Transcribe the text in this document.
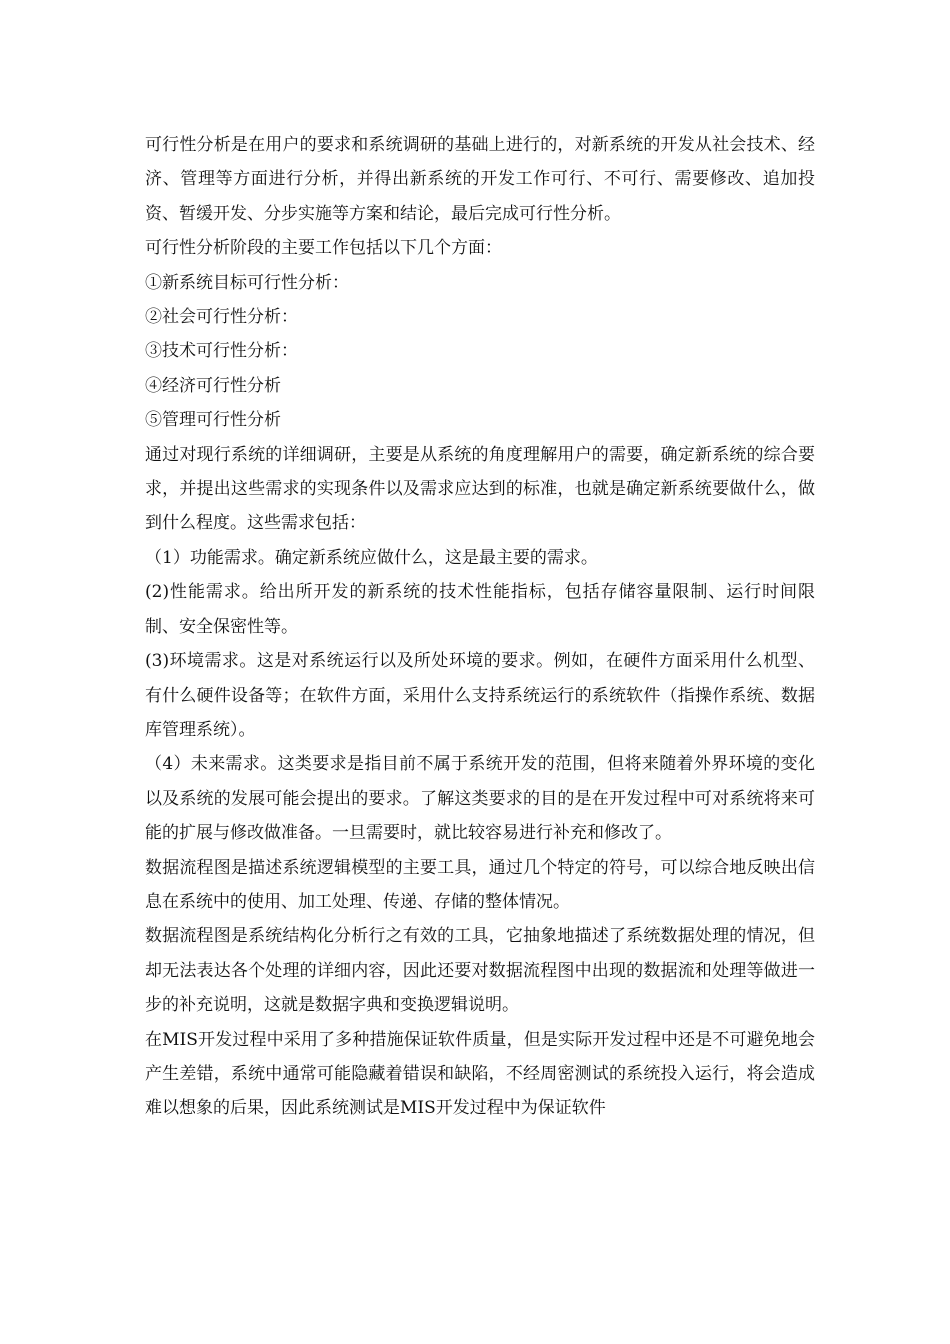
可行性分析是在用户的要求和系统调研的基础上进行的，对新系统的开发从社会技术、经济、管理等方面进行分析，并得出新系统的开发工作可行、不可行、需要修改、追加投资、暂缓开发、分步实施等方案和结论，最后完成可行性分析。

可行性分析阶段的主要工作包括以下几个方面：

①新系统目标可行性分析：

②社会可行性分析：

③技术可行性分析：

④经济可行性分析

⑤管理可行性分析

通过对现行系统的详细调研，主要是从系统的角度理解用户的需要，确定新系统的综合要求，并提出这些需求的实现条件以及需求应达到的标准，也就是确定新系统要做什么，做到什么程度。这些需求包括：

（1）功能需求。确定新系统应做什么，这是最主要的需求。

(2)性能需求。给出所开发的新系统的技术性能指标，包括存储容量限制、运行时间限制、安全保密性等。

(3)环境需求。这是对系统运行以及所处环境的要求。例如，在硬件方面采用什么机型、有什么硬件设备等；在软件方面，采用什么支持系统运行的系统软件（指操作系统、数据库管理系统）。

（4）未来需求。这类要求是指目前不属于系统开发的范围，但将来随着外界环境的变化以及系统的发展可能会提出的要求。了解这类要求的目的是在开发过程中可对系统将来可能的扩展与修改做准备。一旦需要时，就比较容易进行补充和修改了。

数据流程图是描述系统逻辑模型的主要工具，通过几个特定的符号，可以综合地反映出信息在系统中的使用、加工处理、传递、存储的整体情况。

数据流程图是系统结构化分析行之有效的工具，它抽象地描述了系统数据处理的情况，但却无法表达各个处理的详细内容，因此还要对数据流程图中出现的数据流和处理等做进一步的补充说明，这就是数据字典和变换逻辑说明。

在MIS开发过程中采用了多种措施保证软件质量，但是实际开发过程中还是不可避免地会产生差错，系统中通常可能隐藏着错误和缺陷，不经周密测试的系统投入运行，将会造成难以想象的后果，因此系统测试是MIS开发过程中为保证软件
